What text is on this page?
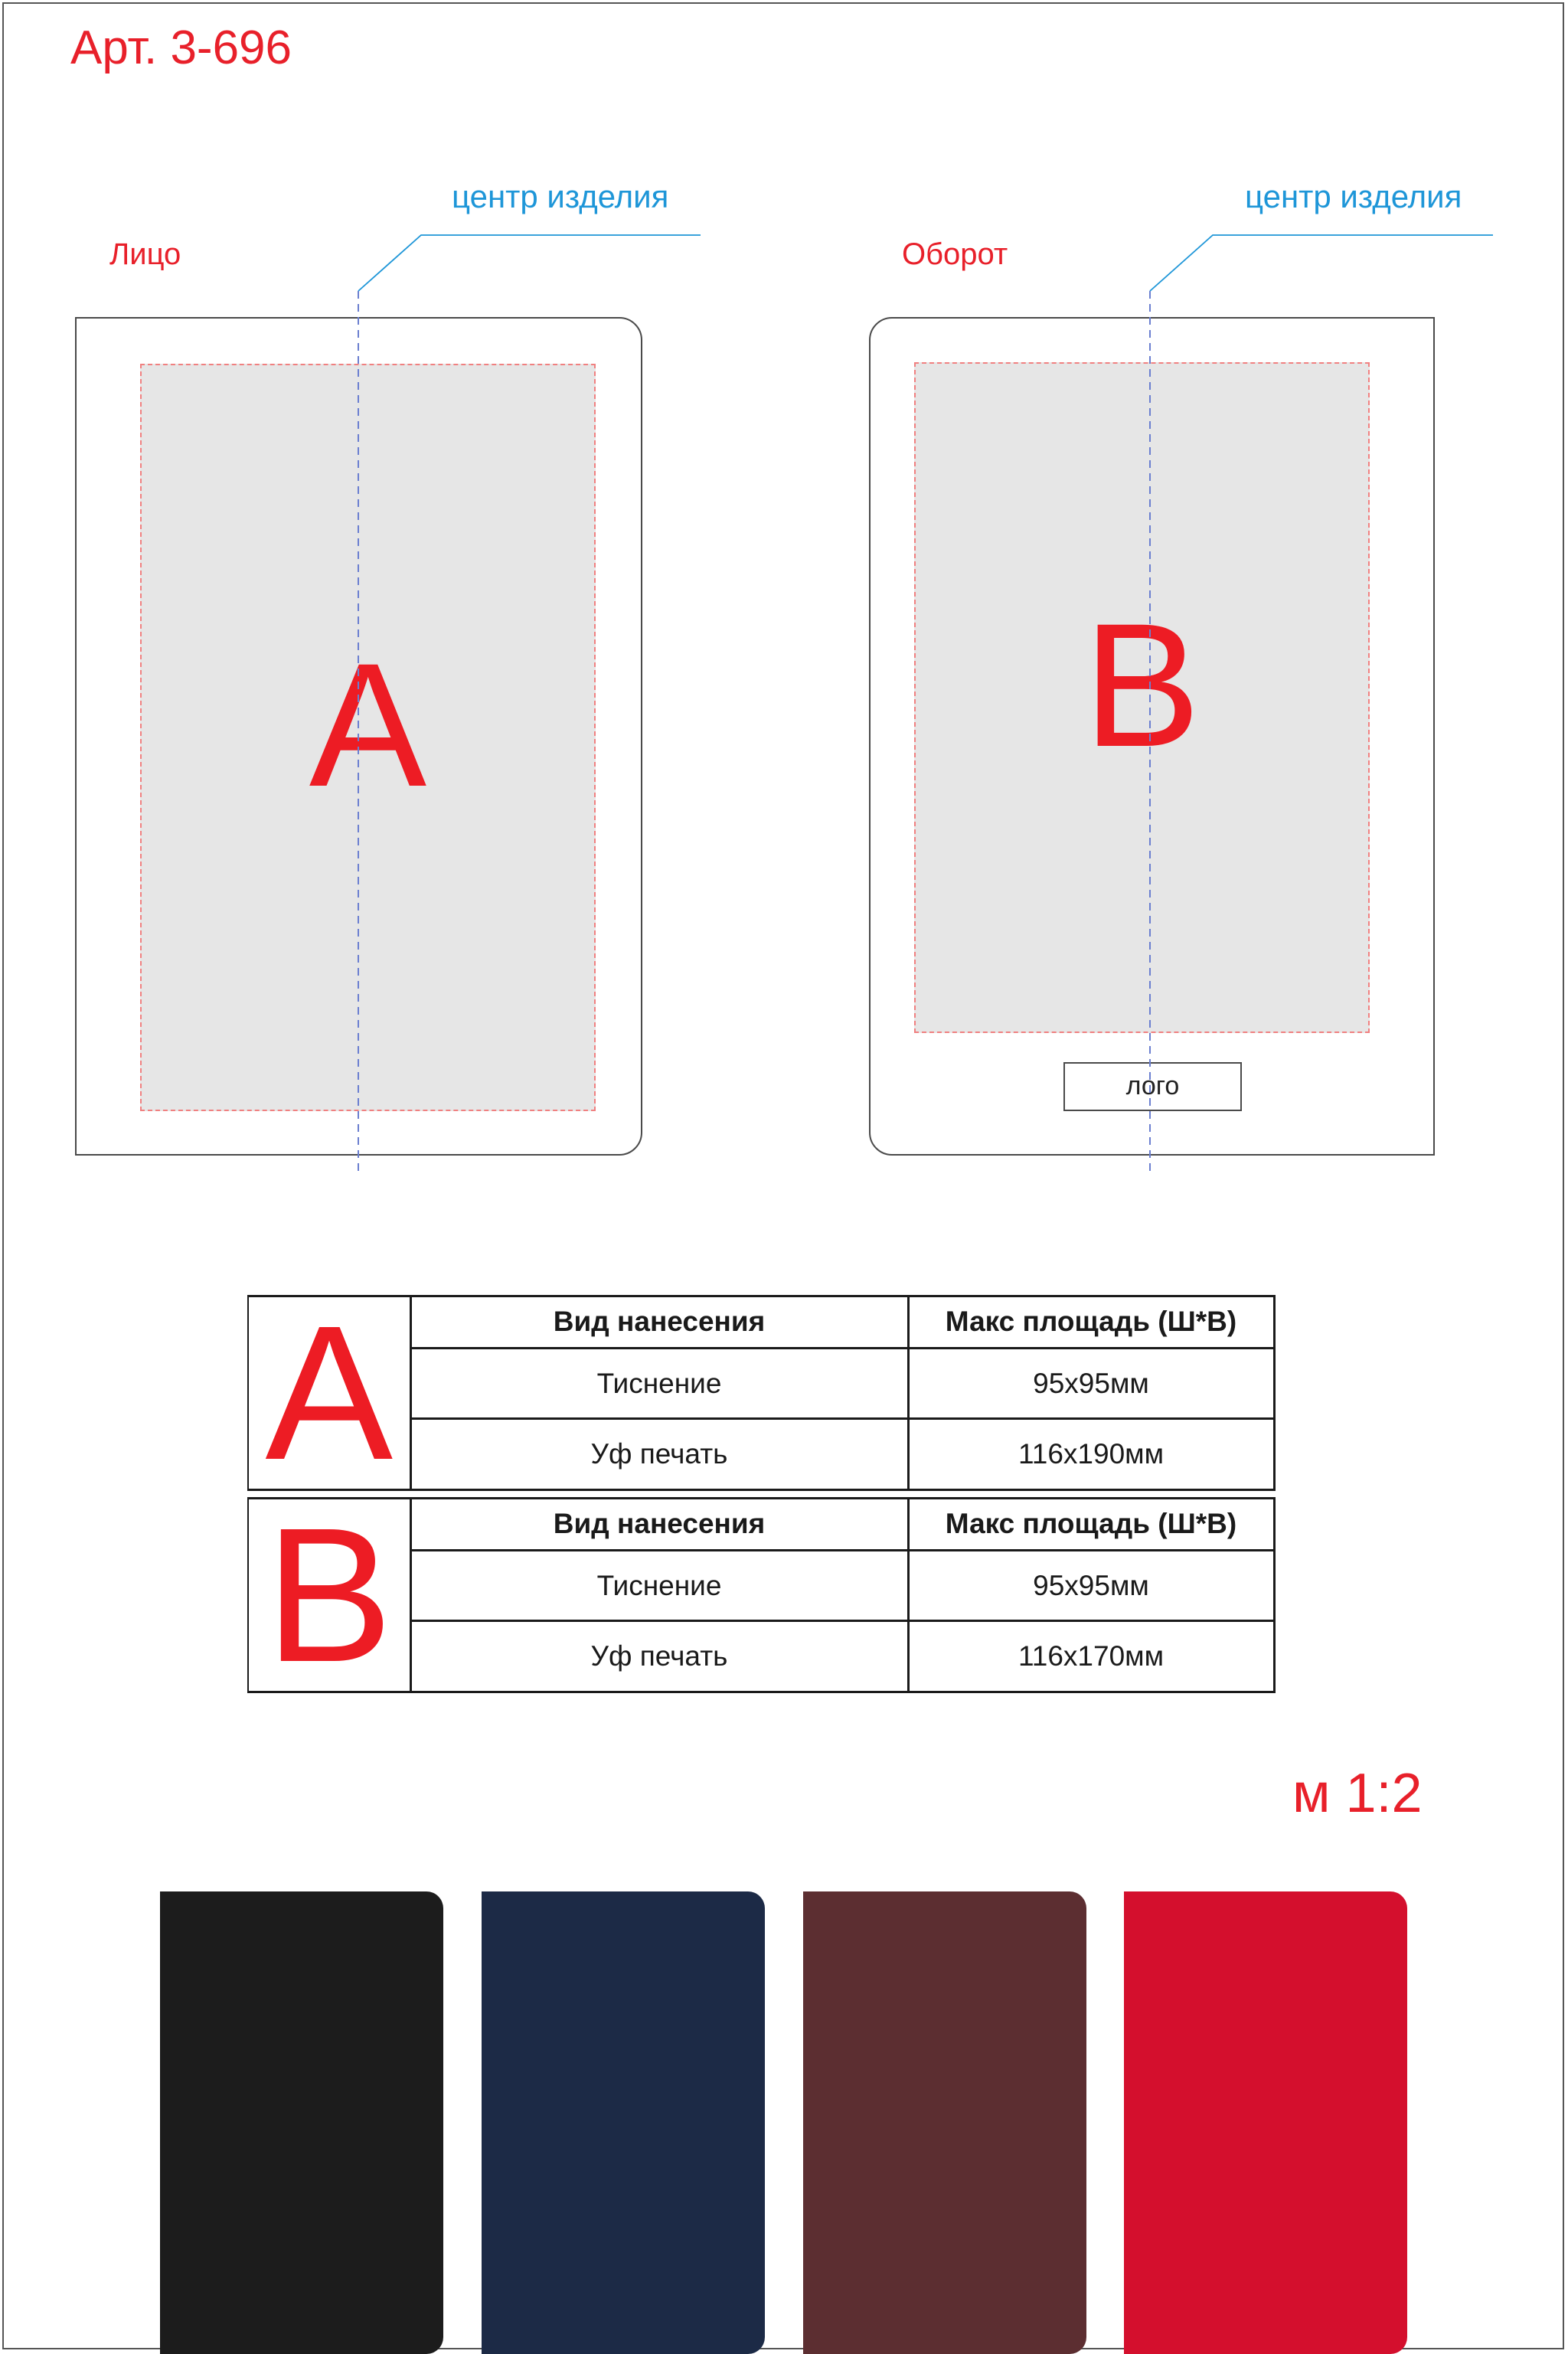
Арт. 3-696
Лицо
центр изделия
A
Оборот
центр изделия
B
лого
A	Вид нанесения	Макс площадь (Ш*В)
	Тиснение	95x95мм
	Уф печать	116x190мм
B	Вид нанесения	Макс площадь (Ш*В)
	Тиснение	95x95мм
	Уф печать	116x170мм
м 1:2
